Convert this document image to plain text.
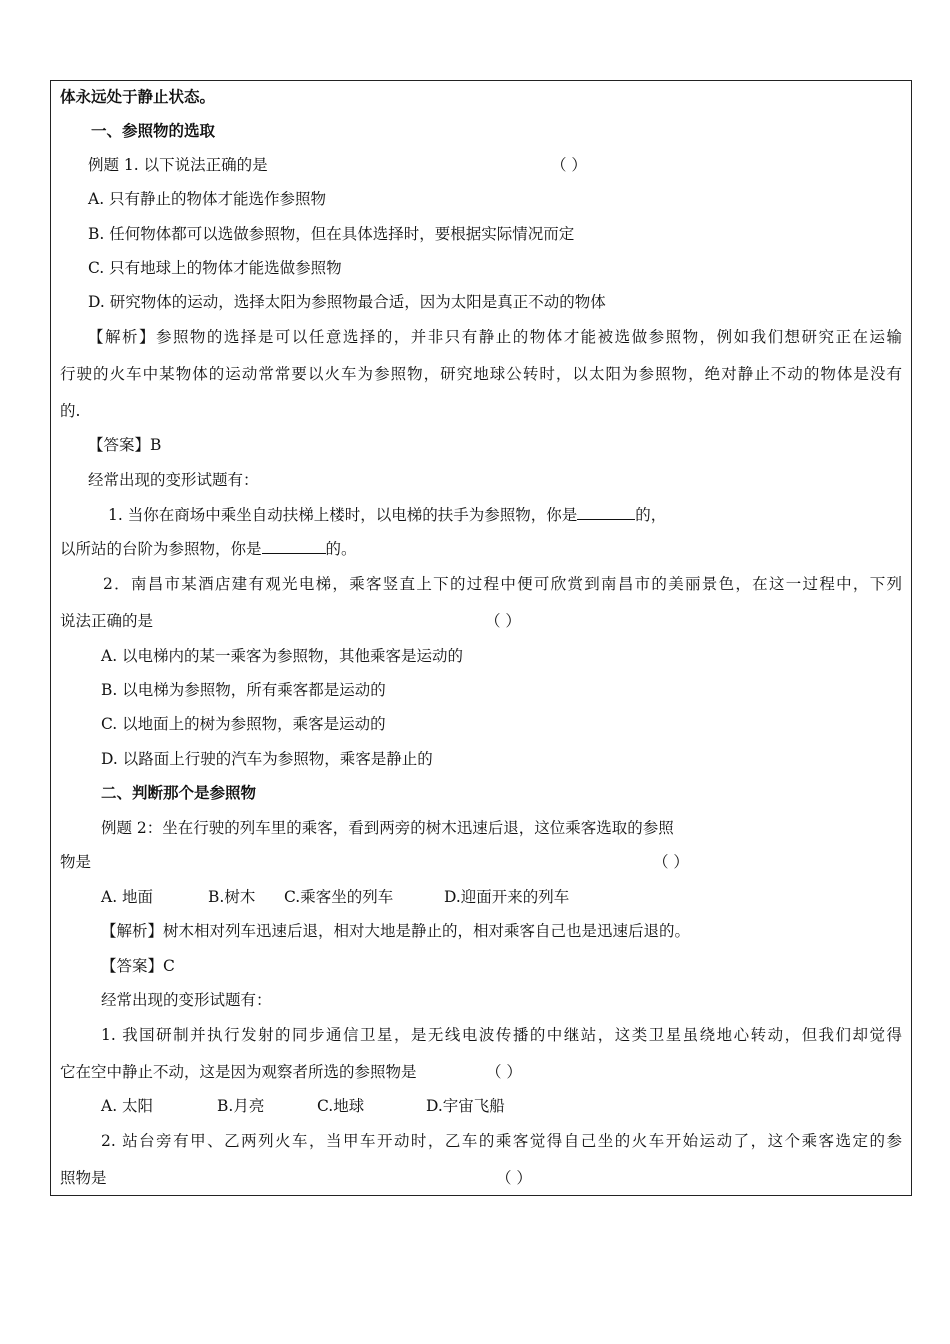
体永远处于静止状态。
一、参照物的选取
例题 1. 以下说法正确的是	（ ）
A. 只有静止的物体才能选作参照物
B. 任何物体都可以选做参照物，但在具体选择时，要根据实际情况而定
C. 只有地球上的物体才能选做参照物
D. 研究物体的运动，选择太阳为参照物最合适，因为太阳是真正不动的物体
【解析】参照物的选择是可以任意选择的，并非只有静止的物体才能被选做参照物，例如我们想研究正在运输
行驶的火车中某物体的运动常常要以火车为参照物，研究地球公转时，以太阳为参照物，绝对静止不动的物体是没有
的.
【答案】B
经常出现的变形试题有：
1. 当你在商场中乘坐自动扶梯上楼时，以电梯的扶手为参照物，你是	的，
以所站的台阶为参照物，你是	的。
2．南昌市某酒店建有观光电梯，乘客竖直上下的过程中便可欣赏到南昌市的美丽景色，在这一过程中，下列
说法正确的是	（ ）
A. 以电梯内的某一乘客为参照物，其他乘客是运动的
B. 以电梯为参照物，所有乘客都是运动的
C. 以地面上的树为参照物，乘客是运动的
D. 以路面上行驶的汽车为参照物，乘客是静止的
二、判断那个是参照物
例题 2：坐在行驶的列车里的乘客，看到两旁的树木迅速后退，这位乘客选取的参照
物是	（ ）
A. 地面	B.树木 C.乘客坐的列车	D.迎面开来的列车
【解析】树木相对列车迅速后退，相对大地是静止的，相对乘客自己也是迅速后退的。
【答案】C
经常出现的变形试题有：
1. 我国研制并执行发射的同步通信卫星，是无线电波传播的中继站，这类卫星虽绕地心转动，但我们却觉得
它在空中静止不动，这是因为观察者所选的参照物是	（ ）
A. 太阳	B.月亮	C.地球	D.宇宙飞船
2. 站台旁有甲、乙两列火车，当甲车开动时，乙车的乘客觉得自己坐的火车开始运动了，这个乘客选定的参
照物是	（ ）
